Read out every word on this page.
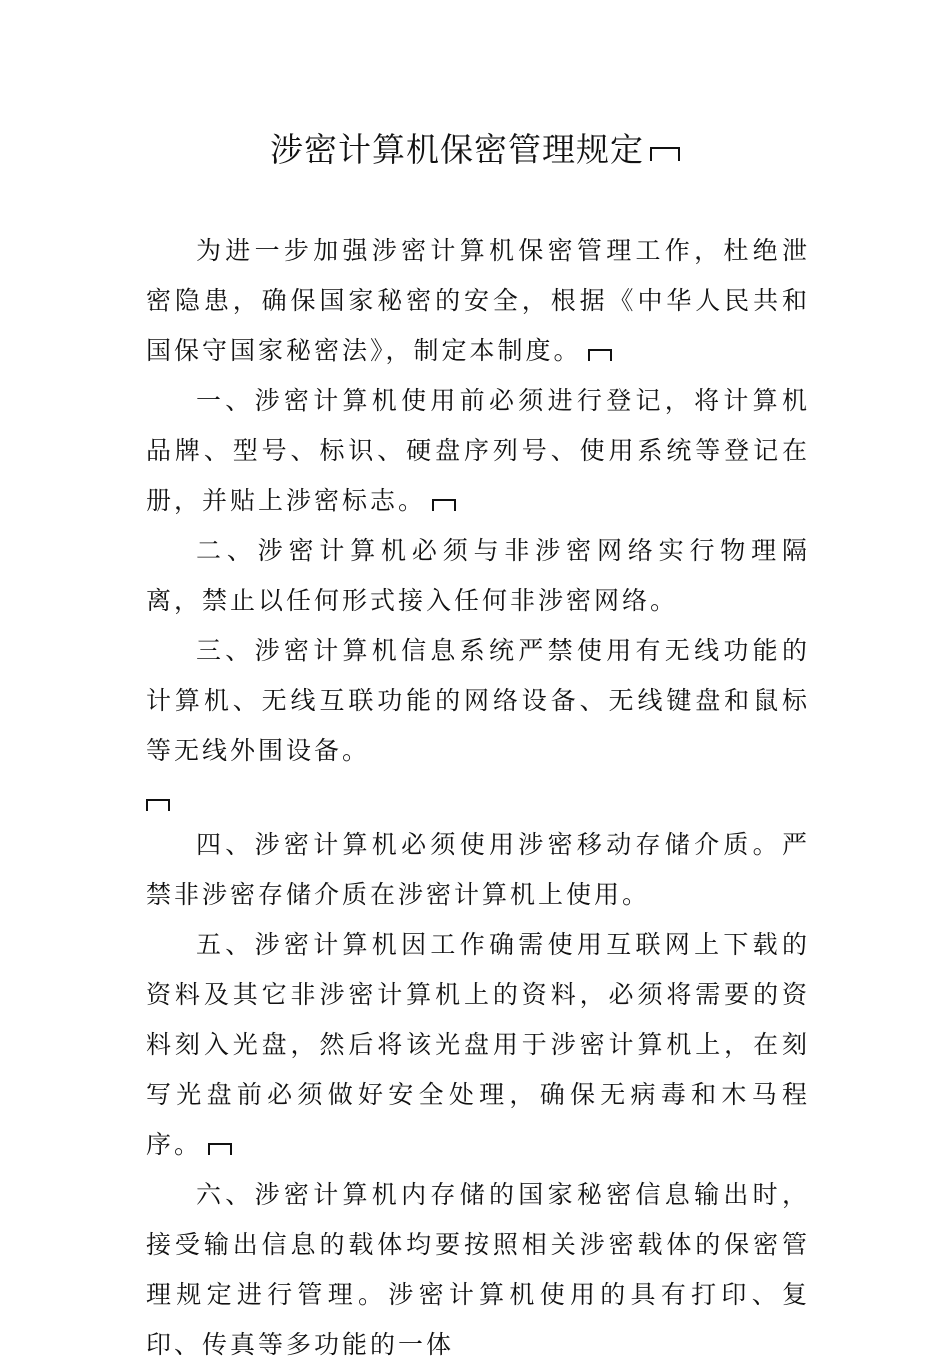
涉密计算机保密管理规定

为进一步加强涉密计算机保密管理工作，杜绝泄密隐患，确保国家秘密的安全，根据《中华人民共和国保守国家秘密法》，制定本制度。

一、涉密计算机使用前必须进行登记，将计算机品牌、型号、标识、硬盘序列号、使用系统等登记在册，并贴上涉密标志。

二、涉密计算机必须与非涉密网络实行物理隔离，禁止以任何形式接入任何非涉密网络。

三、涉密计算机信息系统严禁使用有无线功能的计算机、无线互联功能的网络设备、无线键盘和鼠标等无线外围设备。

四、涉密计算机必须使用涉密移动存储介质。严禁非涉密存储介质在涉密计算机上使用。

五、涉密计算机因工作确需使用互联网上下载的资料及其它非涉密计算机上的资料，必须将需要的资料刻入光盘，然后将该光盘用于涉密计算机上，在刻写光盘前必须做好安全处理，确保无病毒和木马程序。

六、涉密计算机内存储的国家秘密信息输出时，接受输出信息的载体均要按照相关涉密载体的保密管理规定进行管理。涉密计算机使用的具有打印、复印、传真等多功能的一体
